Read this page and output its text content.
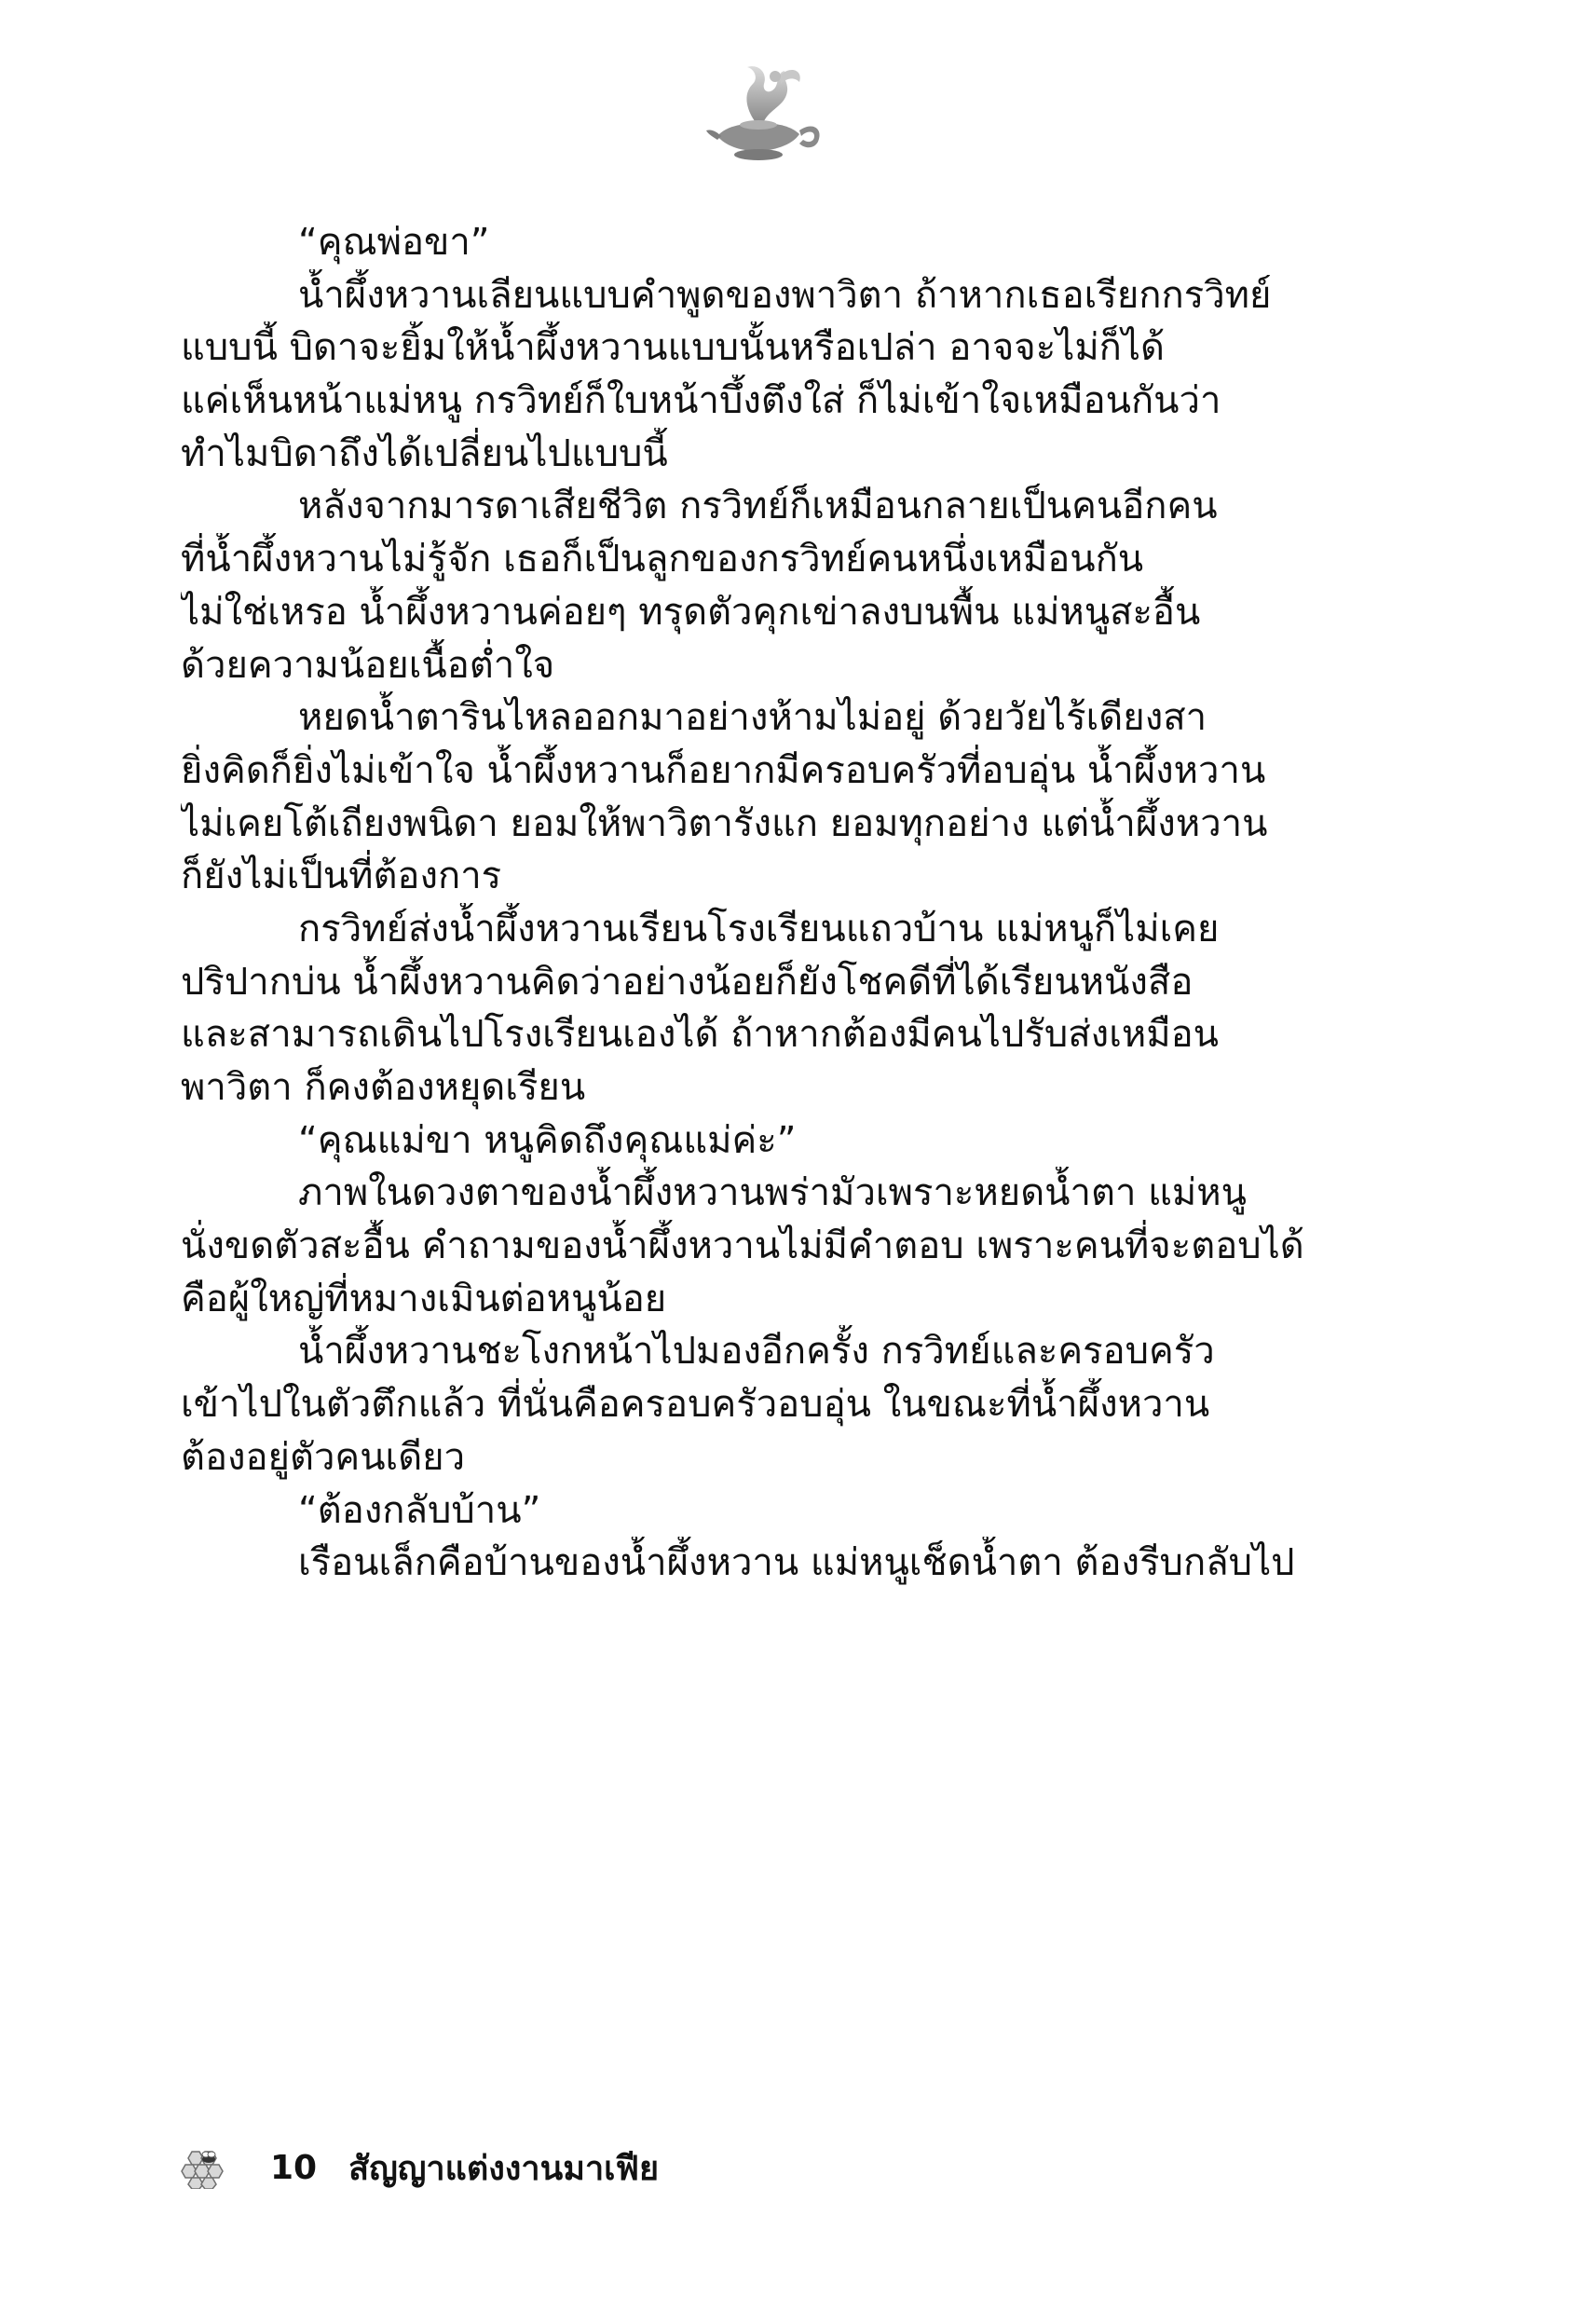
“คุณพ่อขา”
น้ำผึ้งหวานเลียนแบบคำพูดของพาวิตา ถ้าหากเธอเรียกกรวิทย์
แบบนี้ บิดาจะยิ้มให้น้ำผึ้งหวานแบบนั้นหรือเปล่า อาจจะไม่ก็ได้
แค่เห็นหน้าแม่หนู กรวิทย์ก็ใบหน้าบึ้งตึงใส่ ก็ไม่เข้าใจเหมือนกันว่า
ทำไมบิดาถึงได้เปลี่ยนไปแบบนี้
หลังจากมารดาเสียชีวิต กรวิทย์ก็เหมือนกลายเป็นคนอีกคน
ที่น้ำผึ้งหวานไม่รู้จัก เธอก็เป็นลูกของกรวิทย์คนหนึ่งเหมือนกัน
ไม่ใช่เหรอ น้ำผึ้งหวานค่อยๆ ทรุดตัวคุกเข่าลงบนพื้น แม่หนูสะอื้น
ด้วยความน้อยเนื้อต่ำใจ
หยดน้ำตารินไหลออกมาอย่างห้ามไม่อยู่ ด้วยวัยไร้เดียงสา
ยิ่งคิดก็ยิ่งไม่เข้าใจ น้ำผึ้งหวานก็อยากมีครอบครัวที่อบอุ่น น้ำผึ้งหวาน
ไม่เคยโต้เถียงพนิดา ยอมให้พาวิตารังแก ยอมทุกอย่าง แต่น้ำผึ้งหวาน
ก็ยังไม่เป็นที่ต้องการ
กรวิทย์ส่งน้ำผึ้งหวานเรียนโรงเรียนแถวบ้าน แม่หนูก็ไม่เคย
ปริปากบ่น น้ำผึ้งหวานคิดว่าอย่างน้อยก็ยังโชคดีที่ได้เรียนหนังสือ
และสามารถเดินไปโรงเรียนเองได้ ถ้าหากต้องมีคนไปรับส่งเหมือน
พาวิตา ก็คงต้องหยุดเรียน
“คุณแม่ขา หนูคิดถึงคุณแม่ค่ะ”
ภาพในดวงตาของน้ำผึ้งหวานพร่ามัวเพราะหยดน้ำตา แม่หนู
นั่งขดตัวสะอื้น คำถามของน้ำผึ้งหวานไม่มีคำตอบ เพราะคนที่จะตอบได้
คือผู้ใหญ่ที่หมางเมินต่อหนูน้อย
น้ำผึ้งหวานชะโงกหน้าไปมองอีกครั้ง กรวิทย์และครอบครัว
เข้าไปในตัวตึกแล้ว ที่นั่นคือครอบครัวอบอุ่น ในขณะที่น้ำผึ้งหวาน
ต้องอยู่ตัวคนเดียว
“ต้องกลับบ้าน”
เรือนเล็กคือบ้านของน้ำผึ้งหวาน แม่หนูเช็ดน้ำตา ต้องรีบกลับไป
10 สัญญาแต่งงานมาเฟีย
